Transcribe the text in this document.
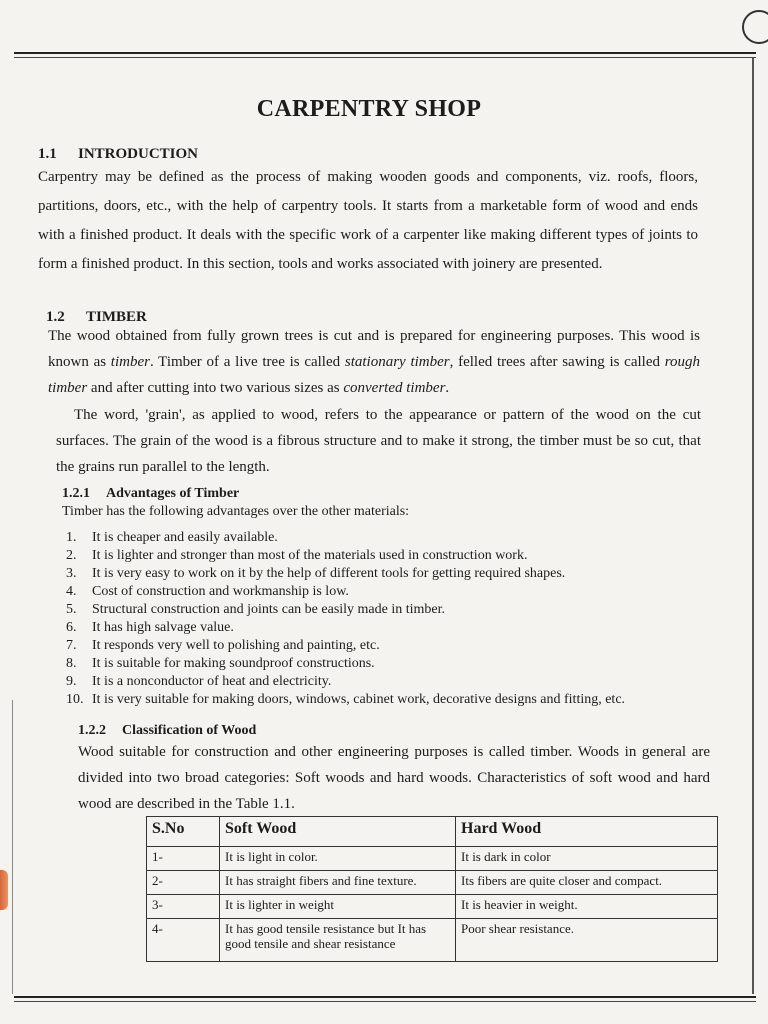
CARPENTRY SHOP
1.1 INTRODUCTION

Carpentry may be defined as the process of making wooden goods and components, viz. roofs, floors, partitions, doors, etc., with the help of carpentry tools. It starts from a marketable form of wood and ends with a finished product. It deals with the specific work of a carpenter like making different types of joints to form a finished product. In this section, tools and works associated with joinery are presented.

1.2 TIMBER

The wood obtained from fully grown trees is cut and is prepared for engineering purposes. This wood is known as timber. Timber of a live tree is called stationary timber, felled trees after sawing is called rough timber and after cutting into two various sizes as converted timber.

The word, 'grain', as applied to wood, refers to the appearance or pattern of the wood on the cut surfaces. The grain of the wood is a fibrous structure and to make it strong, the timber must be so cut, that the grains run parallel to the length.

1.2.1 Advantages of Timber

Timber has the following advantages over the other materials:

1.	It is cheaper and easily available.
2.	It is lighter and stronger than most of the materials used in construction work.
3.	It is very easy to work on it by the help of different tools for getting required shapes.
4.	Cost of construction and workmanship is low.
5.	Structural construction and joints can be easily made in timber.
6.	It has high salvage value.
7.	It responds very well to polishing and painting, etc.
8.	It is suitable for making soundproof constructions.
9.	It is a nonconductor of heat and electricity.
10. It is very suitable for making doors, windows, cabinet work, decorative designs and fitting, etc.
1.2.2 Classification of Wood

Wood suitable for construction and other engineering purposes is called timber. Woods in general are divided into two broad categories: Soft woods and hard woods. Characteristics of soft wood and hard wood are described in the Table 1.1.

S.No	Soft Wood	Hard Wood
1-	It is light in color.	It is dark in color
2-	It has straight fibers and fine texture.	Its fibers are quite closer and compact.
3-	It is lighter in weight	It is heavier in weight.
4-	It has good tensile resistance but It has good tensile and shear resistance	Poor shear resistance.
